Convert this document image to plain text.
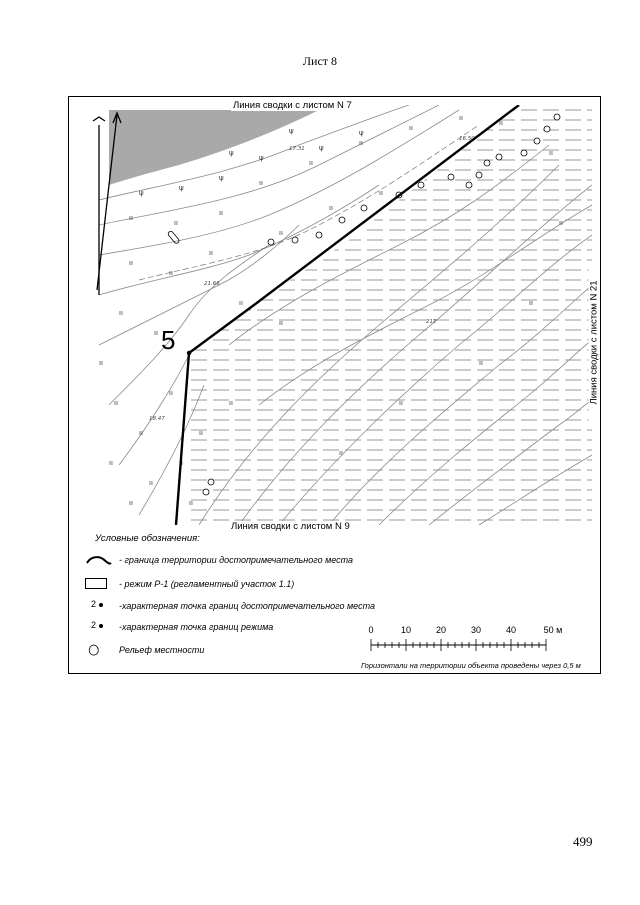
Лист 8
ıı
ıı
ıı
ıı
ıı
ıı
ıı
ıı
ıı
ıı
ıı
ıı
ıı
ıı
ıı
ıı
ıı
ıı
ıı
ıı
ıı
ıı
ıı
ıı
ıı
ıı
ıı
ıı
ıı
ıı
ıı
ıı
ıı
ıı
ıı
ıı
ψ
ψ
ψ
ψ
ψ
ψ
ψ
ψ
17.31
21.66
18.47
212
16.50
5
Линия сводки с листом N 7
Линия сводки с листом N 9
Линия сводки с листом N 21
Условные обозначения:
- граница территории достопримечательного места
- режим Р-1 (регламентный участок 1.1)
2	-характерная точка границ достопримечательного места
2	-характерная точка границ режима
Рельеф местности
0	10	20	30	40	50 м
Горизонтали на территории объекта проведены через 0,5 м
499
